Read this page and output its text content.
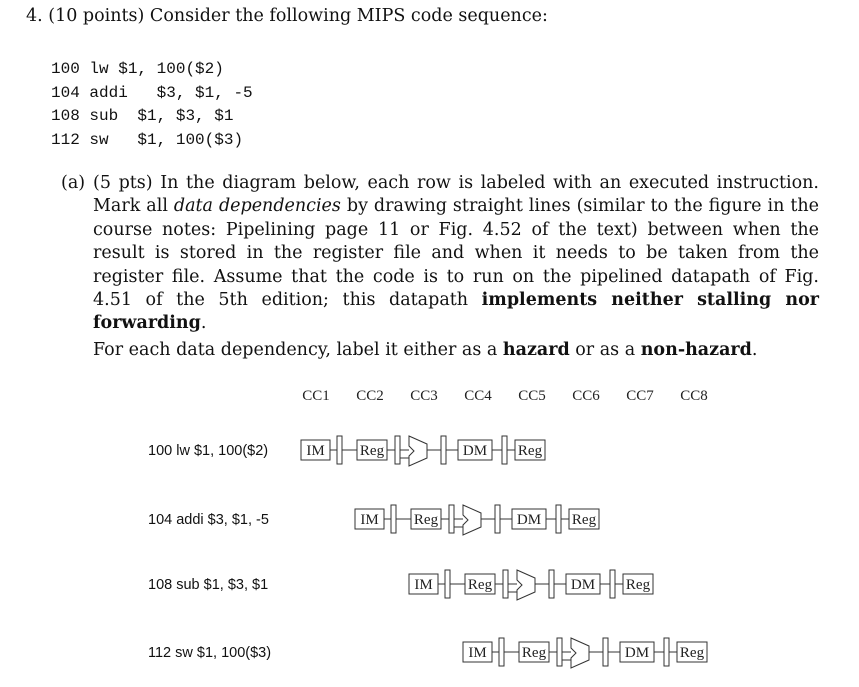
4. (10 points) Consider the following MIPS code sequence:
100 lw $1, 100($2)
104 addi   $3, $1, -5
108 sub  $1, $3, $1
112 sw   $1, 100($3)
(a) (5 pts) In the diagram below, each row is labeled with an executed instruction. Mark all data dependencies by drawing straight lines (similar to the figure in the course notes: Pipelining page 11 or Fig. 4.52 of the text) between when the result is stored in the register file and when it needs to be taken from the register file. Assume that the code is to run on the pipelined datapath of Fig. 4.51 of the 5th edition; this datapath implements neither stalling nor forwarding.

For each data dependency, label it either as a hazard or as a non-hazard.

CC1 CC2 CC3 CC4 CC5 CC6 CC7 CC8
100 lw $1, 100($2)	IM Reg	DM Reg
104 addi $3, $1, -5	IM Reg	DM Reg
108 sub $1, $3, $1	IM Reg	DM Reg
112 sw $1, 100($3)	IM Reg	DM Reg
